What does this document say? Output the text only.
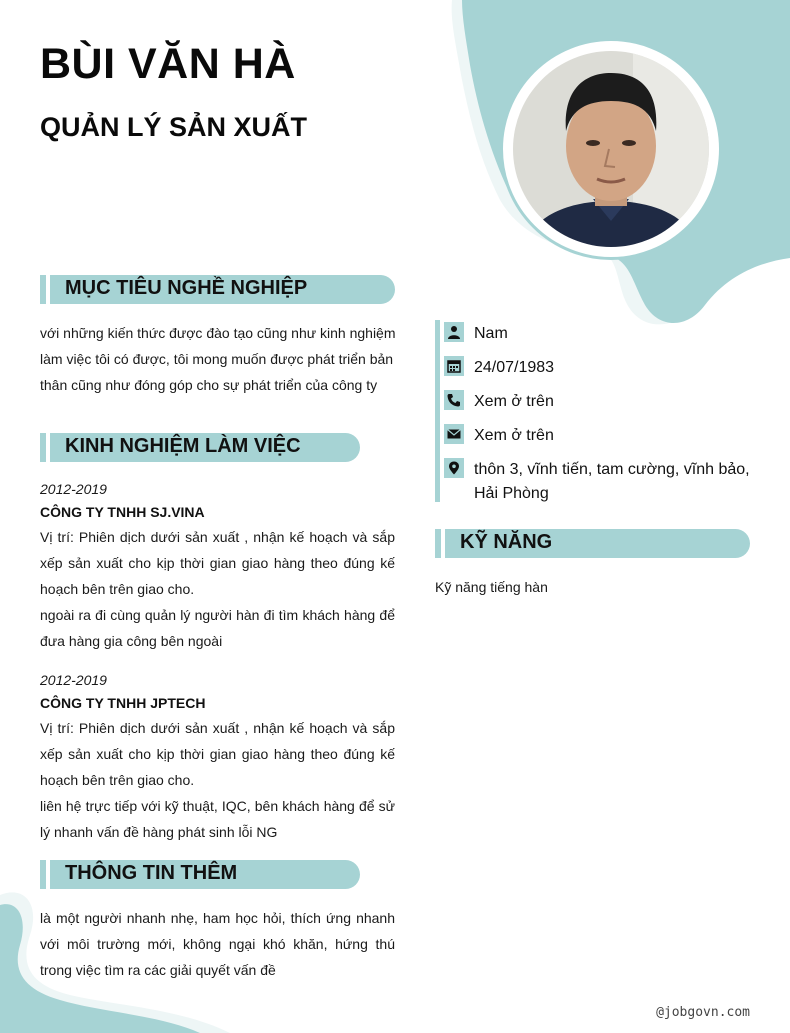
BÙI VĂN HÀ
QUẢN LÝ SẢN XUẤT
MỤC TIÊU NGHỀ NGHIỆP
với những kiến thức được đào tạo cũng như kinh nghiệm
làm việc tôi có được, tôi mong muốn được phát triển bản
thân cũng như đóng góp cho sự phát triển của công ty
KINH NGHIỆM LÀM VIỆC
2012-2019
CÔNG TY TNHH SJ.VINA

Vị trí: Phiên dịch dưới sản xuất , nhận kế hoạch và sắp xếp sản xuất cho kịp thời gian giao hàng theo đúng kế hoạch bên trên giao cho.

ngoài ra đi cùng quản lý người hàn đi tìm khách hàng để đưa hàng gia công bên ngoài

2012-2019
CÔNG TY TNHH JPTECH

Vị trí: Phiên dịch dưới sản xuất , nhận kế hoạch và sắp xếp sản xuất cho kịp thời gian giao hàng theo đúng kế hoạch bên trên giao cho.

liên hệ trực tiếp với kỹ thuật, IQC, bên khách hàng để sử lý nhanh vấn đề hàng phát sinh lỗi NG

THÔNG TIN THÊM

là một người nhanh nhẹ, ham học hỏi, thích ứng nhanh với môi trường mới, không ngại khó khăn, hứng thú trong việc tìm ra các giải quyết vấn đề

Nam
24/07/1983
Xem ở trên
Xem ở trên
thôn 3, vĩnh tiến, tam cường, vĩnh bảo, Hải Phòng
KỸ NĂNG
Kỹ năng tiếng hàn
@jobgovn.com
